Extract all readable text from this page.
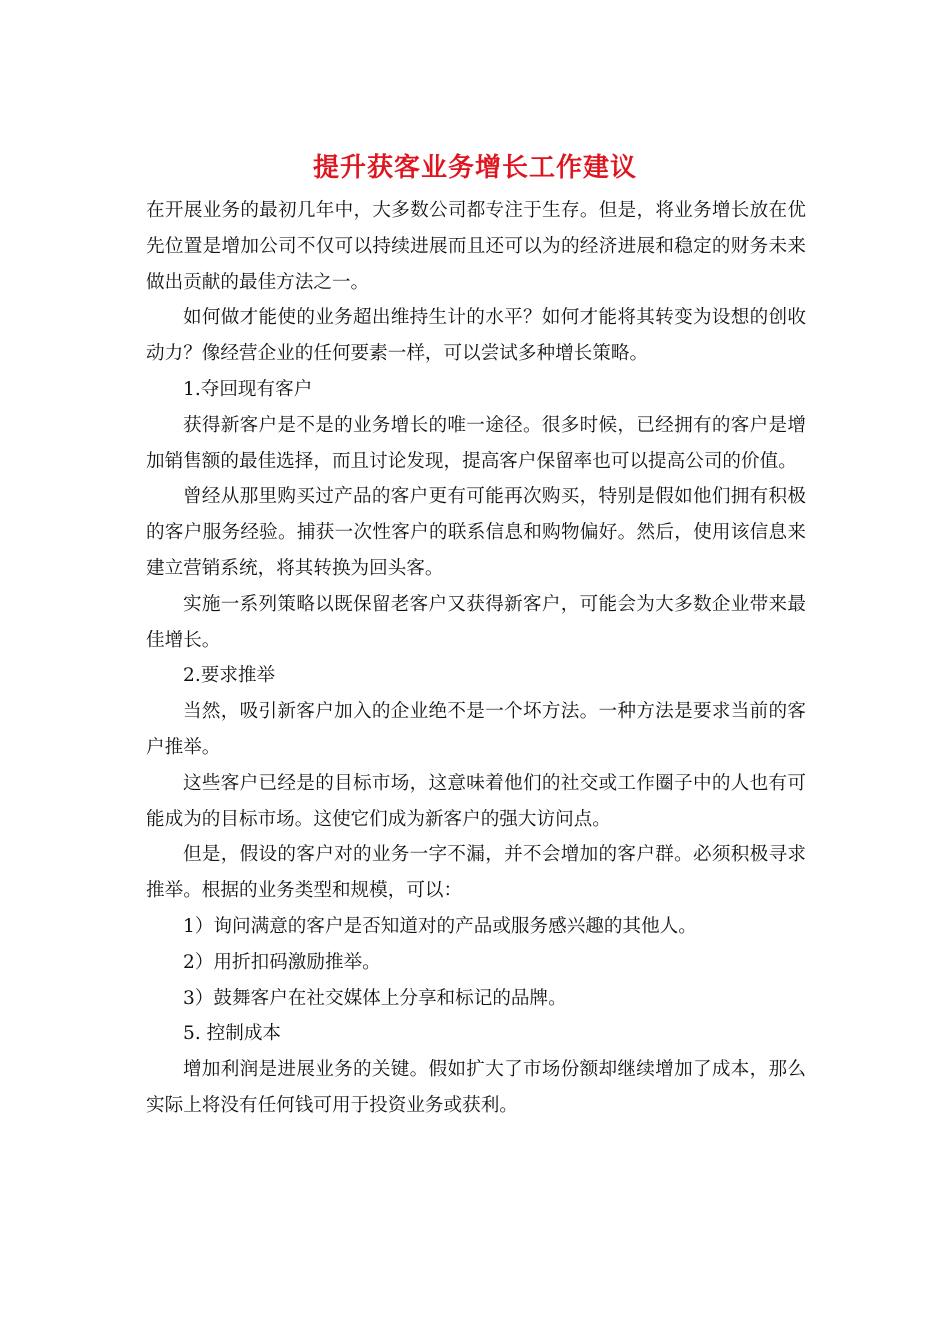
提升获客业务增长工作建议

在开展业务的最初几年中，大多数公司都专注于生存。但是，将业务增长放在优先位置是增加公司不仅可以持续进展而且还可以为的经济进展和稳定的财务未来做出贡献的最佳方法之一。

如何做才能使的业务超出维持生计的水平？如何才能将其转变为设想的创收动力？像经营企业的任何要素一样，可以尝试多种增长策略。

1.夺回现有客户

获得新客户是不是的业务增长的唯一途径。很多时候，已经拥有的客户是增加销售额的最佳选择，而且讨论发现，提高客户保留率也可以提高公司的价值。

曾经从那里购买过产品的客户更有可能再次购买，特别是假如他们拥有积极的客户服务经验。捕获一次性客户的联系信息和购物偏好。然后，使用该信息来建立营销系统，将其转换为回头客。

实施一系列策略以既保留老客户又获得新客户，可能会为大多数企业带来最佳增长。

2.要求推举

当然，吸引新客户加入的企业绝不是一个坏方法。一种方法是要求当前的客户推举。

这些客户已经是的目标市场，这意味着他们的社交或工作圈子中的人也有可能成为的目标市场。这使它们成为新客户的强大访问点。

但是，假设的客户对的业务一字不漏，并不会增加的客户群。必须积极寻求推举。根据的业务类型和规模，可以：

1）询问满意的客户是否知道对的产品或服务感兴趣的其他人。

2）用折扣码激励推举。

3）鼓舞客户在社交媒体上分享和标记的品牌。

5. 控制成本

增加利润是进展业务的关键。假如扩大了市场份额却继续增加了成本，那么实际上将没有任何钱可用于投资业务或获利。
